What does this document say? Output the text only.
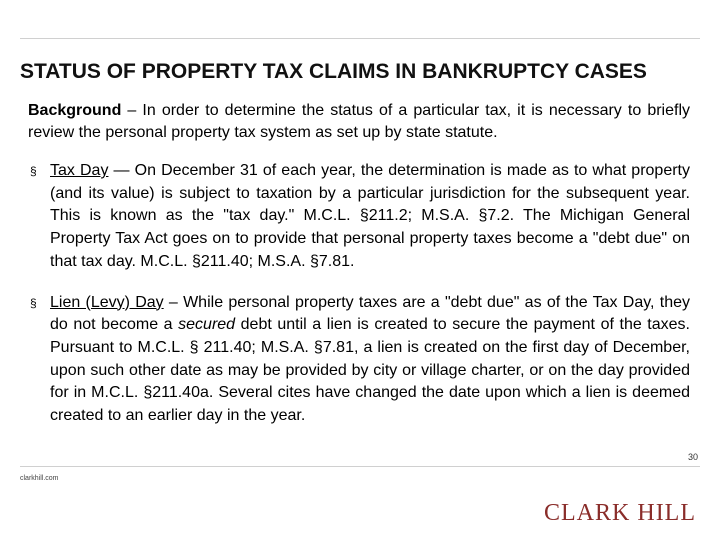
STATUS OF PROPERTY TAX CLAIMS IN BANKRUPTCY CASES

Background – In order to determine the status of a particular tax, it is necessary to briefly review the personal property tax system as set up by state statute.

§ Tax Day — On December 31 of each year, the determination is made as to what property (and its value) is subject to taxation by a particular jurisdiction for the subsequent year. This is known as the "tax day." M.C.L. §211.2; M.S.A. §7.2. The Michigan General Property Tax Act goes on to provide that personal property taxes become a "debt due" on that tax day. M.C.L. §211.40; M.S.A. §7.81.
§ Lien (Levy) Day – While personal property taxes are a "debt due" as of the Tax Day, they do not become a secured debt until a lien is created to secure the payment of the taxes. Pursuant to M.C.L. § 211.40; M.S.A. §7.81, a lien is created on the first day of December, upon such other date as may be provided by city or village charter, or on the day provided for in M.C.L. §211.40a. Several cites have changed the date upon which a lien is deemed created to an earlier day in the year.
30
clarkhill.com
CLARK HILL
